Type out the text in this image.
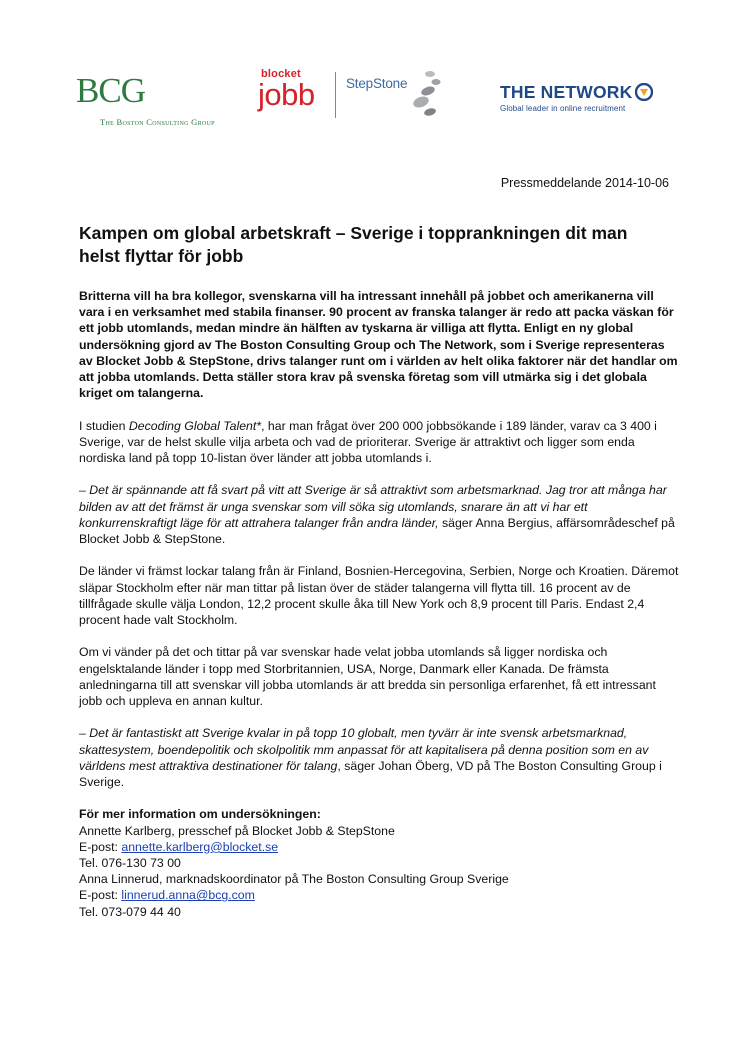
BCG
The Boston Consulting Group
blocket
jobb	StepStone	THE NETWORK
Global leader in online recruitment
Pressmeddelande 2014-10-06
Kampen om global arbetskraft – Sverige i topprankningen dit man helst flyttar för jobb

Britterna vill ha bra kollegor, svenskarna vill ha intressant innehåll på jobbet och amerikanerna vill vara i en verksamhet med stabila finanser. 90 procent av franska talanger är redo att packa väskan för ett jobb utomlands, medan mindre än hälften av tyskarna är villiga att flytta. Enligt en ny global undersökning gjord av The Boston Consulting Group och The Network, som i Sverige representeras av Blocket Jobb & StepStone, drivs talanger runt om i världen av helt olika faktorer när det handlar om att jobba utomlands. Detta ställer stora krav på svenska företag som vill utmärka sig i det globala kriget om talangerna.

I studien Decoding Global Talent*, har man frågat över 200 000 jobbsökande i 189 länder, varav ca 3 400 i Sverige, var de helst skulle vilja arbeta och vad de prioriterar. Sverige är attraktivt och ligger som enda nordiska land på topp 10-listan över länder att jobba utomlands i.

– Det är spännande att få svart på vitt att Sverige är så attraktivt som arbetsmarknad. Jag tror att många har bilden av att det främst är unga svenskar som vill söka sig utomlands, snarare än att vi har ett konkurrenskraftigt läge för att attrahera talanger från andra länder, säger Anna Bergius, affärsområdeschef på Blocket Jobb & StepStone.

De länder vi främst lockar talang från är Finland, Bosnien-Hercegovina, Serbien, Norge och Kroatien. Däremot släpar Stockholm efter när man tittar på listan över de städer talangerna vill flytta till. 16 procent av de tillfrågade skulle välja London, 12,2 procent skulle åka till New York och 8,9 procent till Paris. Endast 2,4 procent hade valt Stockholm.

Om vi vänder på det och tittar på var svenskar hade velat jobba utomlands så ligger nordiska och engelsktalande länder i topp med Storbritannien, USA, Norge, Danmark eller Kanada. De främsta anledningarna till att svenskar vill jobba utomlands är att bredda sin personliga erfarenhet, få ett intressant jobb och uppleva en annan kultur.

– Det är fantastiskt att Sverige kvalar in på topp 10 globalt, men tyvärr är inte svensk arbetsmarknad, skattesystem, boendepolitik och skolpolitik mm anpassat för att kapitalisera på denna position som en av världens mest attraktiva destinationer för talang, säger Johan Öberg, VD på The Boston Consulting Group i Sverige.

För mer information om undersökningen:
Annette Karlberg, presschef på Blocket Jobb & StepStone
E-post: annette.karlberg@blocket.se
Tel. 076-130 73 00
Anna Linnerud, marknadskoordinator på The Boston Consulting Group Sverige
E-post: linnerud.anna@bcg.com
Tel. 073-079 44 40
